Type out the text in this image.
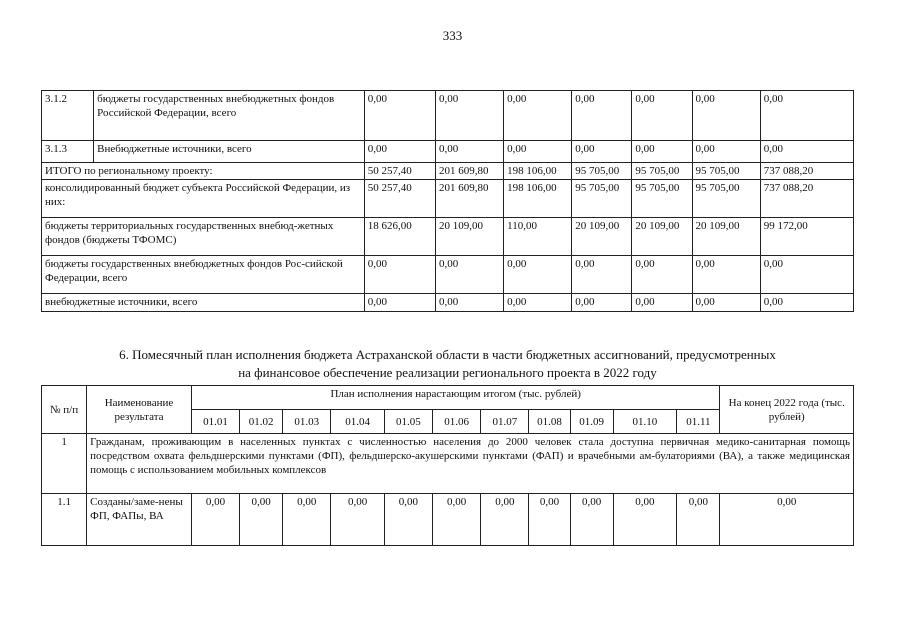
333
3.1.2	бюджеты государственных внебюджетных фондов Российской Федерации, всего	0,00	0,00	0,00	0,00	0,00	0,00	0,00
3.1.3	Внебюджетные источники, всего	0,00	0,00	0,00	0,00	0,00	0,00	0,00
ИТОГО по региональному проекту:		50 257,40	201 609,80	198 106,00	95 705,00	95 705,00	95 705,00	737 088,20
консолидированный бюджет субъекта Российской Федерации, из них:		50 257,40	201 609,80	198 106,00	95 705,00	95 705,00	95 705,00	737 088,20
бюджеты территориальных государственных внебюд-жетных фондов (бюджеты ТФОМС)		18 626,00	20 109,00	110,00	20 109,00	20 109,00	20 109,00	99 172,00
бюджеты государственных внебюджетных фондов Рос-сийской Федерации, всего		0,00	0,00	0,00	0,00	0,00	0,00	0,00
внебюджетные источники, всего		0,00	0,00	0,00	0,00	0,00	0,00	0,00
6. Помесячный план исполнения бюджета Астраханской области в части бюджетных ассигнований, предусмотренных
на финансовое обеспечение реализации регионального проекта в 2022 году
№ п/п	Наименование результата	План исполнения нарастающим итогом (тыс. рублей)											На конец 2022 года (тыс. рублей)
		01.01	01.02	01.03	01.04	01.05	01.06	01.07	01.08	01.09	01.10	01.11	
1	Гражданам, проживающим в населенных пунктах с численностью населения до 2000 человек стала доступна первичная медико-санитарная помощь посредством охвата фельдшерскими пунктами (ФП), фельдшерско-акушерскими пунктами (ФАП) и врачебными ам-булаториями (ВА), а также медицинская помощь с использованием мобильных комплексов												
1.1	Созданы/заме-нены ФП, ФАПы, ВА	0,00	0,00	0,00	0,00	0,00	0,00	0,00	0,00	0,00	0,00	0,00	0,00
